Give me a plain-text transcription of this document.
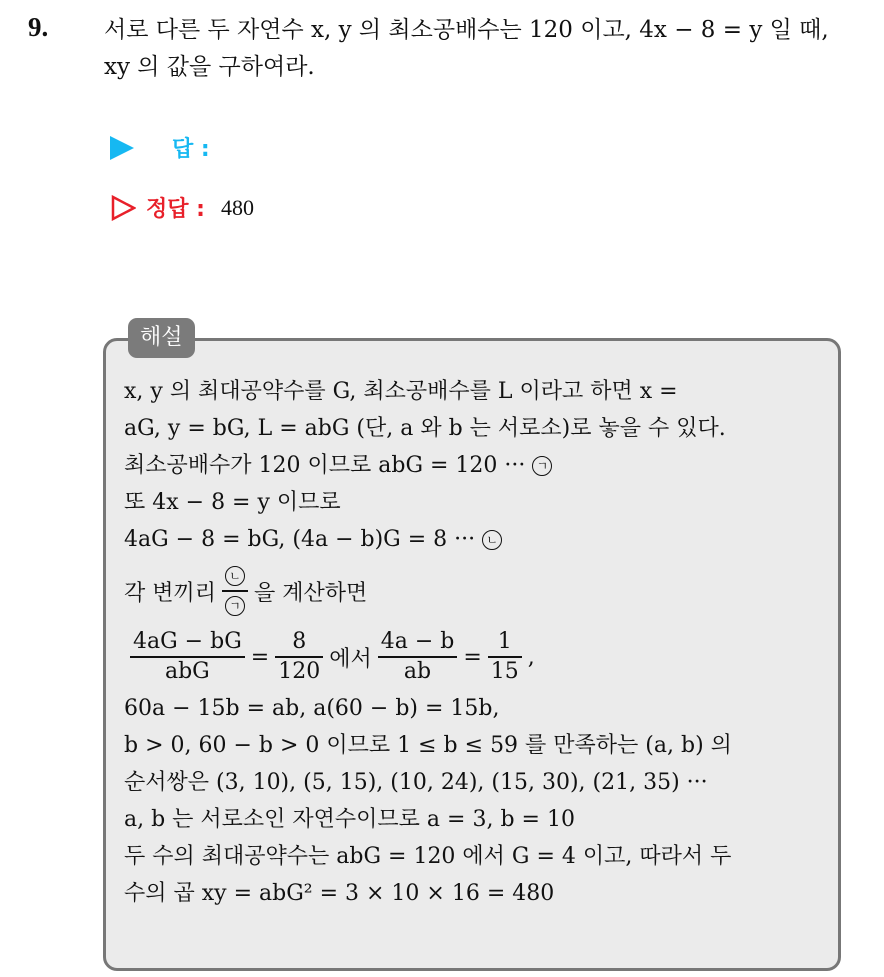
9. 서로 다른 두 자연수 x, y 의 최소공배수는 120 이고, 4x − 8 = y 일 때,
xy 의 값을 구하여라.
답 :
정답 : 480
해설
x, y 의 최대공약수를 G, 최소공배수를 L 이라고 하면 x =
aG, y = bG, L = abG (단, a 와 b 는 서로소)로 놓을 수 있다.
최소공배수가 120 이므로 abG = 120 ··· ㄱ
또 4x − 8 = y 이므로
4aG − 8 = bG, (4a − b)G = 8 ··· ㄴ
각 변끼리 $\frac{\text{ㄴ}}{\text{ㄱ}}$ 을 계산하면
$\frac{4aG - bG}{\text{abG}} = \frac{8}{120}$ 에서 $\frac{4a - b}{ab} = \frac{1}{15}$ ,
60a − 15b = ab, a(60 − b) = 15b,
b > 0, 60 − b > 0 이므로 1 ≤ b ≤ 59 를 만족하는 (a, b) 의
순서쌍은 (3, 10), (5, 15), (10, 24), (15, 30), (21, 35) ···
a, b 는 서로소인 자연수이므로 a = 3, b = 10
두 수의 최대공약수는 abG = 120 에서 G = 4 이고, 따라서 두
수의 곱 xy = abG² = 3 × 10 × 16 = 480
